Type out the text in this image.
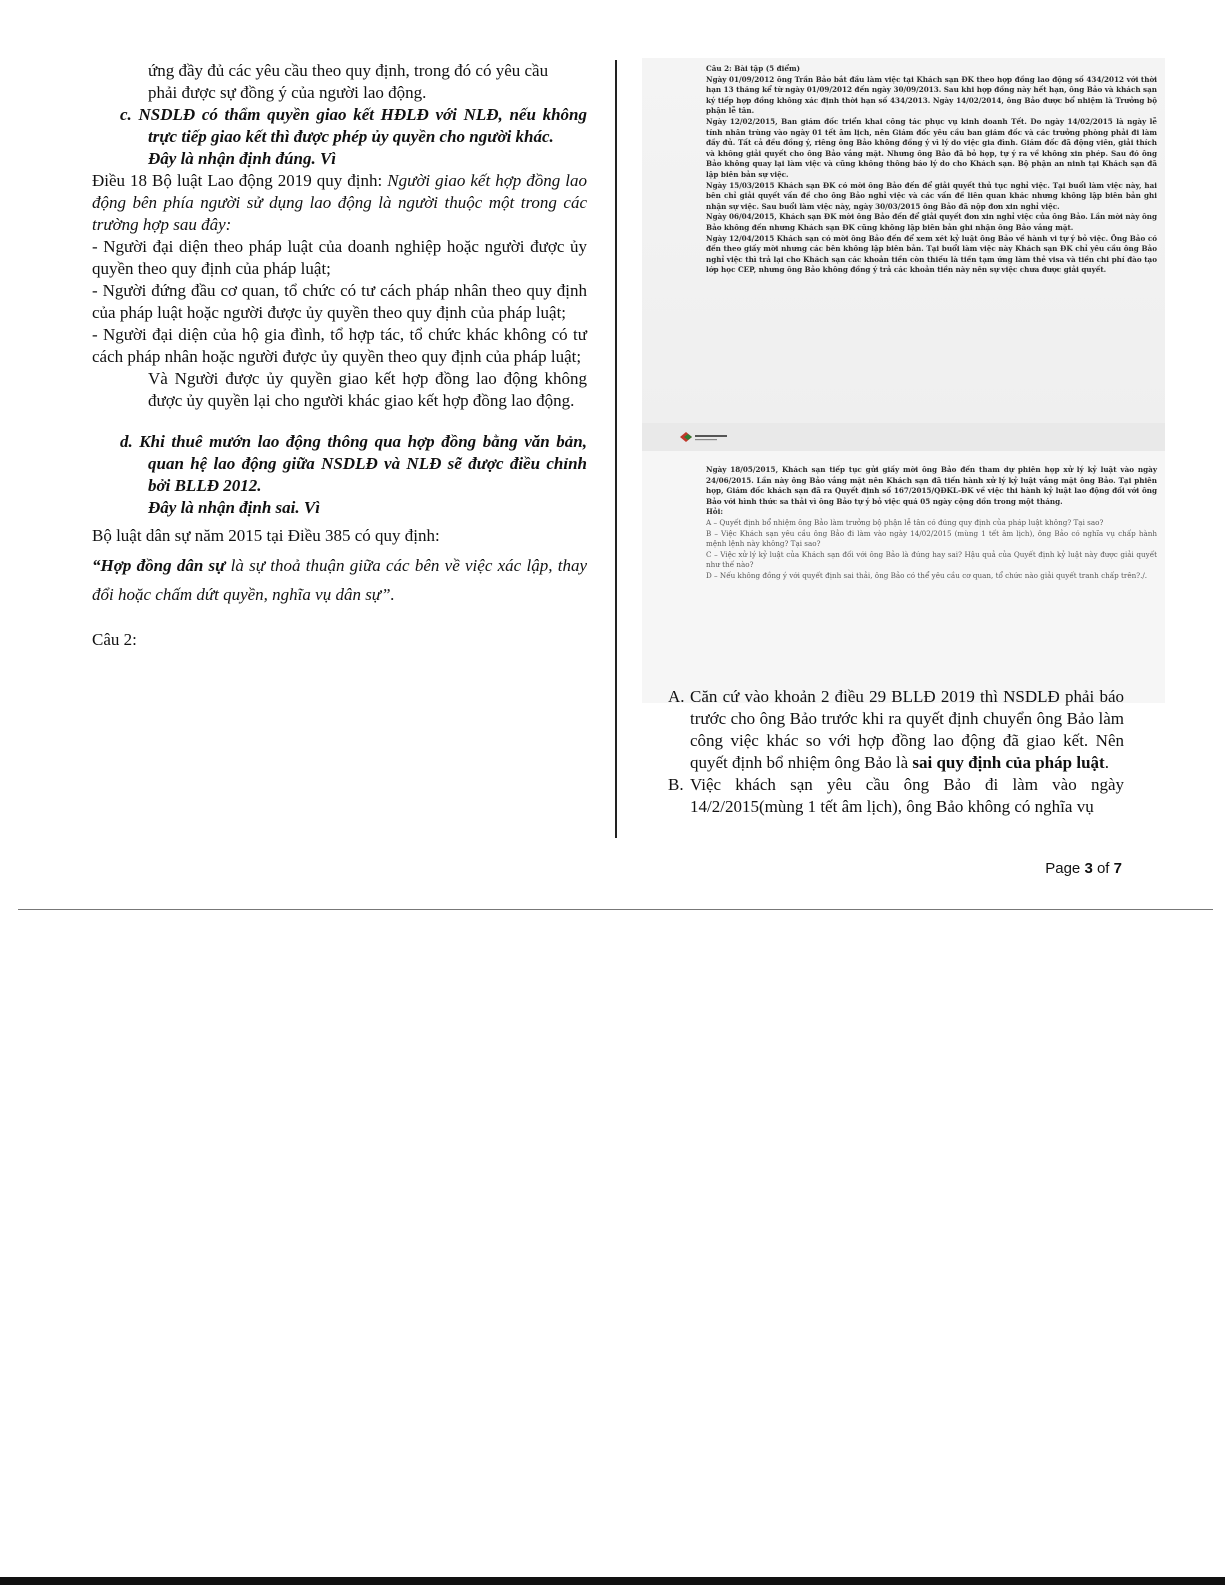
ứng đầy đủ các yêu cầu theo quy định, trong đó có yêu cầu
phải được sự đồng ý của người lao động.
c. NSDLĐ có thẩm quyền giao kết HĐLĐ với NLĐ, nếu không trực tiếp giao kết thì được phép ủy quyền cho người khác.
Đây là nhận định đúng. Vì
Điều 18 Bộ luật Lao động 2019 quy định: Người giao kết hợp đồng lao động bên phía người sử dụng lao động là người thuộc một trong các trường hợp sau đây:
- Người đại diện theo pháp luật của doanh nghiệp hoặc người được ủy quyền theo quy định của pháp luật;
- Người đứng đầu cơ quan, tổ chức có tư cách pháp nhân theo quy định của pháp luật hoặc người được ủy quyền theo quy định của pháp luật;
- Người đại diện của hộ gia đình, tổ hợp tác, tổ chức khác không có tư cách pháp nhân hoặc người được ủy quyền theo quy định của pháp luật;
Và Người được ủy quyền giao kết hợp đồng lao động không được ủy quyền lại cho người khác giao kết hợp đồng lao động.
d. Khi thuê mướn lao động thông qua hợp đồng bằng văn bản, quan hệ lao động giữa NSDLĐ và NLĐ sẽ được điều chỉnh bởi BLLĐ 2012.
Đây là nhận định sai. Vì
Bộ luật dân sự năm 2015 tại Điều 385 có quy định:
“Hợp đồng dân sự là sự thoả thuận giữa các bên về việc xác lập, thay đổi hoặc chấm dứt quyền, nghĩa vụ dân sự”.
Câu 2:
Câu 2: Bài tập (5 điểm)
Ngày 01/09/2012 ông Trần Bảo bắt đầu làm việc tại Khách sạn ĐK theo hợp đồng lao động số 434/2012 với thời hạn 13 tháng kể từ ngày 01/09/2012 đến ngày 30/09/2013. Sau khi hợp đồng này hết hạn, ông Bảo và khách sạn ký tiếp hợp đồng không xác định thời hạn số 434/2013. Ngày 14/02/2014, ông Bảo được bổ nhiệm là Trưởng bộ phận lễ tân.
Ngày 12/02/2015, Ban giám đốc triển khai công tác phục vụ kinh doanh Tết. Do ngày 14/02/2015 là ngày lễ tính nhân trùng vào ngày 01 tết âm lịch, nên Giám đốc yêu cầu ban giám đốc và các trưởng phòng phải đi làm đầy đủ. Tất cả đều đồng ý, riêng ông Bảo không đồng ý vì lý do việc gia đình. Giám đốc đã động viên, giải thích và không giải quyết cho ông Bảo vắng mặt. Nhưng ông Bảo đã bỏ họp, tự ý ra về không xin phép. Sau đó ông Bảo không quay lại làm việc và cũng không thông báo lý do cho Khách sạn. Bộ phận an ninh tại Khách sạn đã lập biên bản sự việc.
Ngày 15/03/2015 Khách sạn ĐK có mời ông Bảo đến để giải quyết thủ tục nghỉ việc. Tại buổi làm việc này, hai bên chỉ giải quyết vấn đề cho ông Bảo nghỉ việc và các vấn đề liên quan khác nhưng không lập biên bản ghi nhận sự việc. Sau buổi làm việc này, ngày 30/03/2015 ông Bảo đã nộp đơn xin nghỉ việc.
Ngày 06/04/2015, Khách sạn ĐK mời ông Bảo đến để giải quyết đơn xin nghỉ việc của ông Bảo. Lần mời này ông Bảo không đến nhưng Khách sạn ĐK cũng không lập biên bản ghi nhận ông Bảo vắng mặt.
Ngày 12/04/2015 Khách sạn có mời ông Bảo đến để xem xét kỷ luật ông Bảo về hành vi tự ý bỏ việc. Ông Bảo có đến theo giấy mời nhưng các bên không lập biên bản. Tại buổi làm việc này Khách sạn ĐK chỉ yêu cầu ông Bảo nghỉ việc thì trả lại cho Khách sạn các khoản tiền còn thiếu là tiền tạm ứng làm thẻ visa và tiền chi phí đào tạo lớp học CEP, nhưng ông Bảo không đồng ý trả các khoản tiền này nên sự việc chưa được giải quyết.
Ngày 18/05/2015, Khách sạn tiếp tục gửi giấy mời ông Bảo đến tham dự phiên họp xử lý kỷ luật vào ngày 24/06/2015. Lần này ông Bảo vắng mặt nên Khách sạn đã tiến hành xử lý kỷ luật vắng mặt ông Bảo. Tại phiên họp, Giám đốc khách sạn đã ra Quyết định số 167/2015/QĐKL-ĐK về việc thi hành kỷ luật lao động đối với ông Bảo với hình thức sa thải vì ông Bảo tự ý bỏ việc quá 05 ngày cộng dồn trong một tháng.
Hỏi:
A – Quyết định bổ nhiệm ông Bảo làm trưởng bộ phận lễ tân có đúng quy định của pháp luật không? Tại sao?
B – Việc Khách sạn yêu cầu ông Bảo đi làm vào ngày 14/02/2015 (mùng 1 tết âm lịch), ông Bảo có nghĩa vụ chấp hành mệnh lệnh này không? Tại sao?
C – Việc xử lý kỷ luật của Khách sạn đối với ông Bảo là đúng hay sai? Hậu quả của Quyết định kỷ luật này được giải quyết như thế nào?
D – Nếu không đồng ý với quyết định sai thải, ông Bảo có thể yêu cầu cơ quan, tổ chức nào giải quyết tranh chấp trên?./.
A. Căn cứ vào khoản 2 điều 29 BLLĐ 2019 thì NSDLĐ phải báo trước cho ông Bảo trước khi ra quyết định chuyển ông Bảo làm công việc khác so với hợp đồng lao động đã giao kết. Nên quyết định bổ nhiệm ông Bảo là sai quy định của pháp luật.
B. Việc khách sạn yêu cầu ông Bảo đi làm vào ngày 14/2/2015(mùng 1 tết âm lịch), ông Bảo không có nghĩa vụ
Page 3 of 7
